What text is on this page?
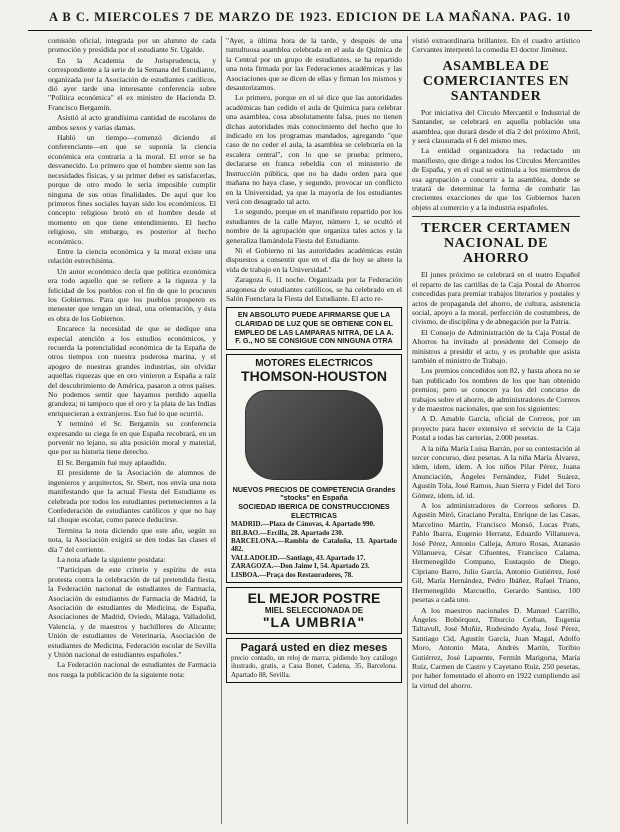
A B C. MIERCOLES 7 DE MARZO DE 1923. EDICION DE LA MAÑANA. PAG. 10

comisión oficial, integrada por un alumno de cada promoción y presidida por el estudiante Sr. Ugalde.

En la Academia de Jurisprudencia, y correspondiente a la serie de la Semana del Estudiante, organizada por la Asociación de estudiantes católicos, dió ayer tarde una interesante conferencia sobre "Política económica" el ex ministro de Hacienda D. Francisco Bergamín.

Asistió al acto grandísima cantidad de escolares de ambos sexos y varias damas.

Habló un tiempo—comenzó diciendo el conferenciante—en que se suponía la ciencia económica era contraria a la moral. El error se ha desvanecido. Lo primero que el hombre siente son las necesidades físicas, y su primer deber es satisfacerlas, porque de otro modo le sería imposible cumplir ninguna de sus otras finalidades. De aquí que los primeros fines sociales hayan sido los económicos. El concepto religioso brotó en el hombre desde el momento en que tiene entendimiento. El hecho religioso, sin embargo, es posterior al hecho económico.

Entre la ciencia económica y la moral existe una relación estrechísima.

Un autor económico decía que política económica era todo aquello que se refiere a la riqueza y la felicidad de los pueblos con el fin de que lo procuren los Gobiernos. Para que los pueblos prosperen es menester que tengan un ideal, una orientación, y ésta es obra de los Gobiernos.

Encarece la necesidad de que se dedique una especial atención a los estudios económicos, y recuerda la potencialidad económica de la España de otros tiempos con nuestra poderosa marina, y el apogeo de nuestras grandes industrias, sin olvidar aquellas riquezas que en oro vinieron a España a raíz del descubrimiento de América, pasaron a otros países. No podemos sentir que hayamos perdido aquella grandeza; ni tampoco que el oro y la plata de las Indias enriquecieran a extranjeros. Eso fué lo que ocurrió.

Y terminó el Sr. Bergamín su conferencia expresando su ciega fe en que España recobrará, en un porvenir no lejano, su alta posición moral y material, que por su historia tiene derecho.

El Sr. Bergamín fué muy aplaudido.

El presidente de la Asociación de alumnos de ingenieros y arquitectos, Sr. Sbert, nos envía una nota manifestando que la actual Fiesta del Estudiante es celebrada por todos los estudiantes pertenecientes a la Confederación de estudiantes católicos y que no hay tal choque escolar, como parece deducirse.

Termina la nota diciendo que este año, según su nota, la Asociación exigirá se den todas las clases el día 7 del corriente.

La nota añade la siguiente postdata:

"Participan de este criterio y espíritu de esta protesta contra la celebración de tal pretendida fiesta, la Federación nacional de estudiantes de Farmacia, Asociación de estudiantes de Farmacia de Madrid, la Asociación de estudiantes de Medicina, de España, Asociaciones de Madrid, Oviedo, Málaga, Valladolid, Valencia, y de maestros y bachilleres de Alicante; Unión de estudiantes de Veterinaria, Asociación de estudiantes de Medicina, Federación escolar de Sevilla y Unión nacional de estudiantes españoles."

La Federación nacional de estudiantes de Farmacia nos ruega la publicación de la siguiente nota:

"Ayer, a última hora de la tarde, y después de una tumultuosa asamblea celebrada en el aula de Química de la Central por un grupo de estudiantes, se ha repartido una nota firmada por las Federaciones académicas y las Asociaciones que se dicen de ellas y firman los mismos y desautorizamos.

Lo primero, porque en el sé dice que las autoridades académicas han cedido el aula de Química para celebrar una asamblea, cosa absolutamente falsa, pues no tienen dichas autoridades más conocimiento del hecho que lo indicado en los programas mandados, agregando "que caso de no ceder el aula, la asamblea se celebraría en la escalera central", con lo que se prueba: primero, declararse en franca rebeldía con el ministerio de Instrucción pública, que no ha dado orden para que mañana no haya clase, y segundo, provocar un conflicto en la Universidad, ya que la mayoría de los estudiantes verá con desagrado tal acto.

Lo segundo, porque en el manifiesto repartido por los estudiantes de la calle Mayor, número 1, se ocultó el nombre de la agrupación que organiza tales actos y la generaliza llamándola Fiesta del Estudiante.

Ni el Gobierno ni las autoridades académicas están dispuestos a consentir que en el día de hoy se altere la vida de trabajo en la Universidad."

Zaragoza 6, 11 noche. Organizada por la Federación aragonesa de estudiantes católicos, se ha celebrado en el Salón Fuenclara la Fiesta del Estudiante. El acto re-

EN ABSOLUTO PUEDE AFIRMARSE QUE LA CLARIDAD DE LUZ QUE SE OBTIENE CON EL EMPLEO DE LAS LAMPARAS NITRA, DE LA A. F. G., NO SE CONSIGUE CON NINGUNA OTRA
MOTORES ELECTRICOS
THOMSON-HOUSTON
NUEVOS PRECIOS DE COMPETENCIA Grandes "stocks" en España
SOCIEDAD IBERICA DE CONSTRUCCIONES ELECTRICAS
MADRID.—Plaza de Cánovas, 4. Apartado 990.
BILBAO.—Ercilla, 28. Apartado 230.
BARCELONA.—Rambla de Cataluña, 13. Apartado 482.
VALLADOLID.—Santiago, 43. Apartado 17.
ZARAGOZA.—Don Jaime I, 54. Apartado 23.
LISBOA.—Praça dos Restauradores, 78.
EL MEJOR POSTRE
MIEL SELECCIONADA DE
"LA UMBRIA"
Pagará usted en diez meses
precio contado, un reloj de marca, pidiendo hoy catálogo ilustrado, gratis, a Casa Bonet, Cadena, 35, Barcelona. Apartado 88, Sevilla.

vistió extraordinaria brillantez. En el cuadro artístico Cervantes interpretó la comedia El doctor Jiménez.

ASAMBLEA DE COMERCIANTES EN SANTANDER

Por iniciativa del Círculo Mercantil e Industrial de Santander, se celebrará en aquella población una asamblea, que durará desde el día 2 del próximo Abril, y será clausurada el 6 del mismo mes.

La entidad organizadora ha redactado un manifiesto, que dirige a todos los Círculos Mercantiles de España, y en el cual se estimula a los miembros de esa agrupación a concurrir a la asamblea, donde se tratará de determinar la forma de combatir las crecientes exacciones de que los Gobiernos hacen objeto al comercio y a la industria españoles.

TERCER CERTAMEN NACIONAL DE AHORRO

El junes próximo se celebrará en el teatro Español el reparto de las cartillas de la Caja Postal de Ahorros concedidas para premiar trabajos literarios y postales y actos de propaganda del ahorro, de cultura, asistencia social, apoyo a la moral, perfección de costumbres, de civismo, de disciplina y de abnegación por la Patria.

El Consejo de Administración de la Caja Postal de Ahorros ha invitado al presidente del Consejo de ministros a presidir el acto, y es probable que asista también el ministro de Trabajo.

Los premios concedidos son 82, y hasta ahora no se han publicado los nombres de los que han obtenido premios; pero se conocen ya los del concurso de trabajos sobre el ahorro, de administradores de Correos y de maestros nacionales, que son los siguientes:

A D. Amable García, oficial de Correos, por un proyecto para hacer extensivo el servicio de la Caja Postal a todas las carterías, 2.000 pesetas.

A la niña María Luisa Barrán, por su contestación al tercer concurso, diez pesetas. A la niña María Álvarez, idem, idem, idem. A los niños Pilar Pérez, Juana Anunciación, Ángeles Fernández, Fidel Suárez, Agustín Tola, José Ramos, Juan Sierra y Fidel del Toro Gómez, idem, id. id.

A los administradores de Correos señores D. Agustín Miró, Graciano Peralta, Enrique de las Casas, Marcelino Martín, Francisco Monsó, Lucas Prats, Pablo Ibarra, Eugenio Herranz, Eduardo Villanueva, José Pérez, Antonio Calleja, Arturo Rosas, Atanasio Villanueva, César Cifuentes, Francisco Calama, Hermenegildo Compano, Eustaquio de Diego, Cipriano Barro, Julio García, Antonio Gutiérrez, José Gil, María Hernández, Pedro Ibáñez, Rafael Triano, Hermenegildo Marcuello, Gerardo Santiso, 100 pesetas a cada uno.

A los maestros nacionales D. Manuel Carrillo, Ángeles Bobórquez, Tiburcio Cerban, Eugenia Taltavull, José Muñiz, Rudesindo Ayala, José Pérez, Santiago Cid, Agustín García, Juan Magal, Adolfo Moro, Antonio Mata, Andrés Martín, Toribio Gutiérrez, José Lapuente, Fermín Marigorta, María Ruiz, Carmen de Castro y Cayetano Ruiz, 250 pesetas, por haber fomentado el ahorro en 1922 cumpliendo así la virtud del ahorro.
